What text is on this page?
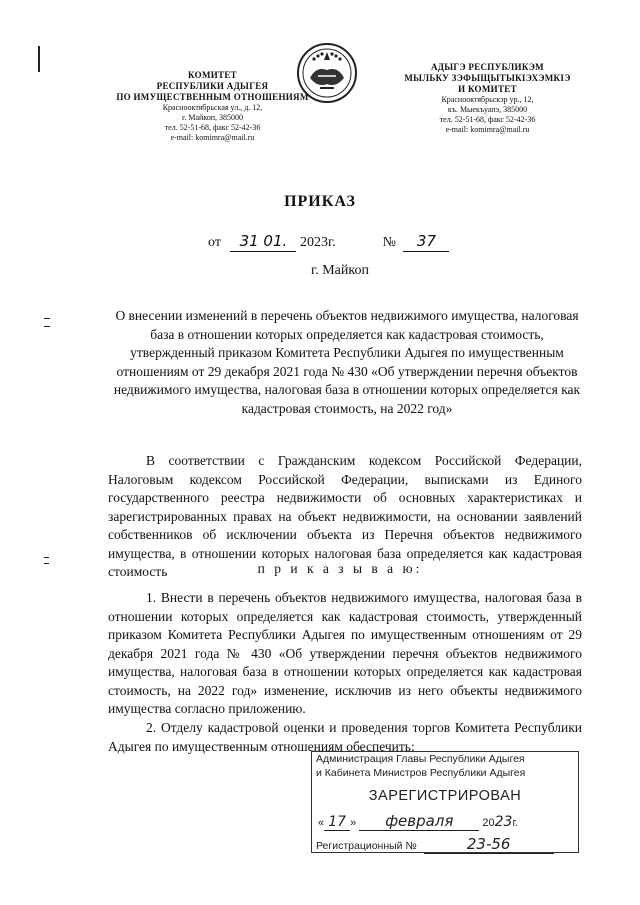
КОМИТЕТ
РЕСПУБЛИКИ АДЫГЕЯ
ПО ИМУЩЕСТВЕННЫМ ОТНОШЕНИЯМ
Краснооктябрьская ул., д. 12,
г. Майкоп, 385000
тел. 52-51-68, факс 52-42-36
e-mail: komimra@mail.ru
АДЫГЭ РЕСПУБЛИКЭМ
МЫЛЬКУ ЗЭФЫЩЫТЫКIЭХЭМКIЭ
И КОМИТЕТ
Краснооктябрьскэр ур., 12,
къ. Мыекъуапэ, 385000
тел. 52-51-68, факс 52-42-36
e-mail: komimra@mail.ru
ПРИКАЗ
от 31 01. 2023г.	№ 37
г. Майкоп
О внесении изменений в перечень объектов недвижимого имущества, налоговая база в отношении которых определяется как кадастровая стоимость, утвержденный приказом Комитета Республики Адыгея по имущественным отношениям от 29 декабря 2021 года № 430 «Об утверждении перечня объектов недвижимого имущества, налоговая база в отношении которых определяется как кадастровая стоимость, на 2022 год»

В соответствии с Гражданским кодексом Российской Федерации, Налоговым кодексом Российской Федерации, выписками из Единого государственного реестра недвижимости об основных характеристиках и зарегистрированных правах на объект недвижимости, на основании заявлений собственников об исключении объекта из Перечня объектов недвижимого имущества, в отношении которых налоговая база определяется как кадастровая стоимость	п р и к а з ы в а ю:

1. Внести в перечень объектов недвижимого имущества, налоговая база в отношении которых определяется как кадастровая стоимость, утвержденный приказом Комитета Республики Адыгея по имущественным отношениям от 29 декабря 2021 года № 430 «Об утверждении перечня объектов недвижимого имущества, налоговая база в отношении которых определяется как кадастровая стоимость, на 2022 год» изменение, исключив из него объекты недвижимого имущества согласно приложению.

2. Отделу кадастровой оценки и проведения торгов Комитета Республики Адыгея по имущественным отношениям обеспечить:

Администрация Главы Республики Адыгея
и Кабинета Министров Республики Адыгея
ЗАРЕГИСТРИРОВАН
« 17 » февраля	2023г.
Регистрационный №	23-56
